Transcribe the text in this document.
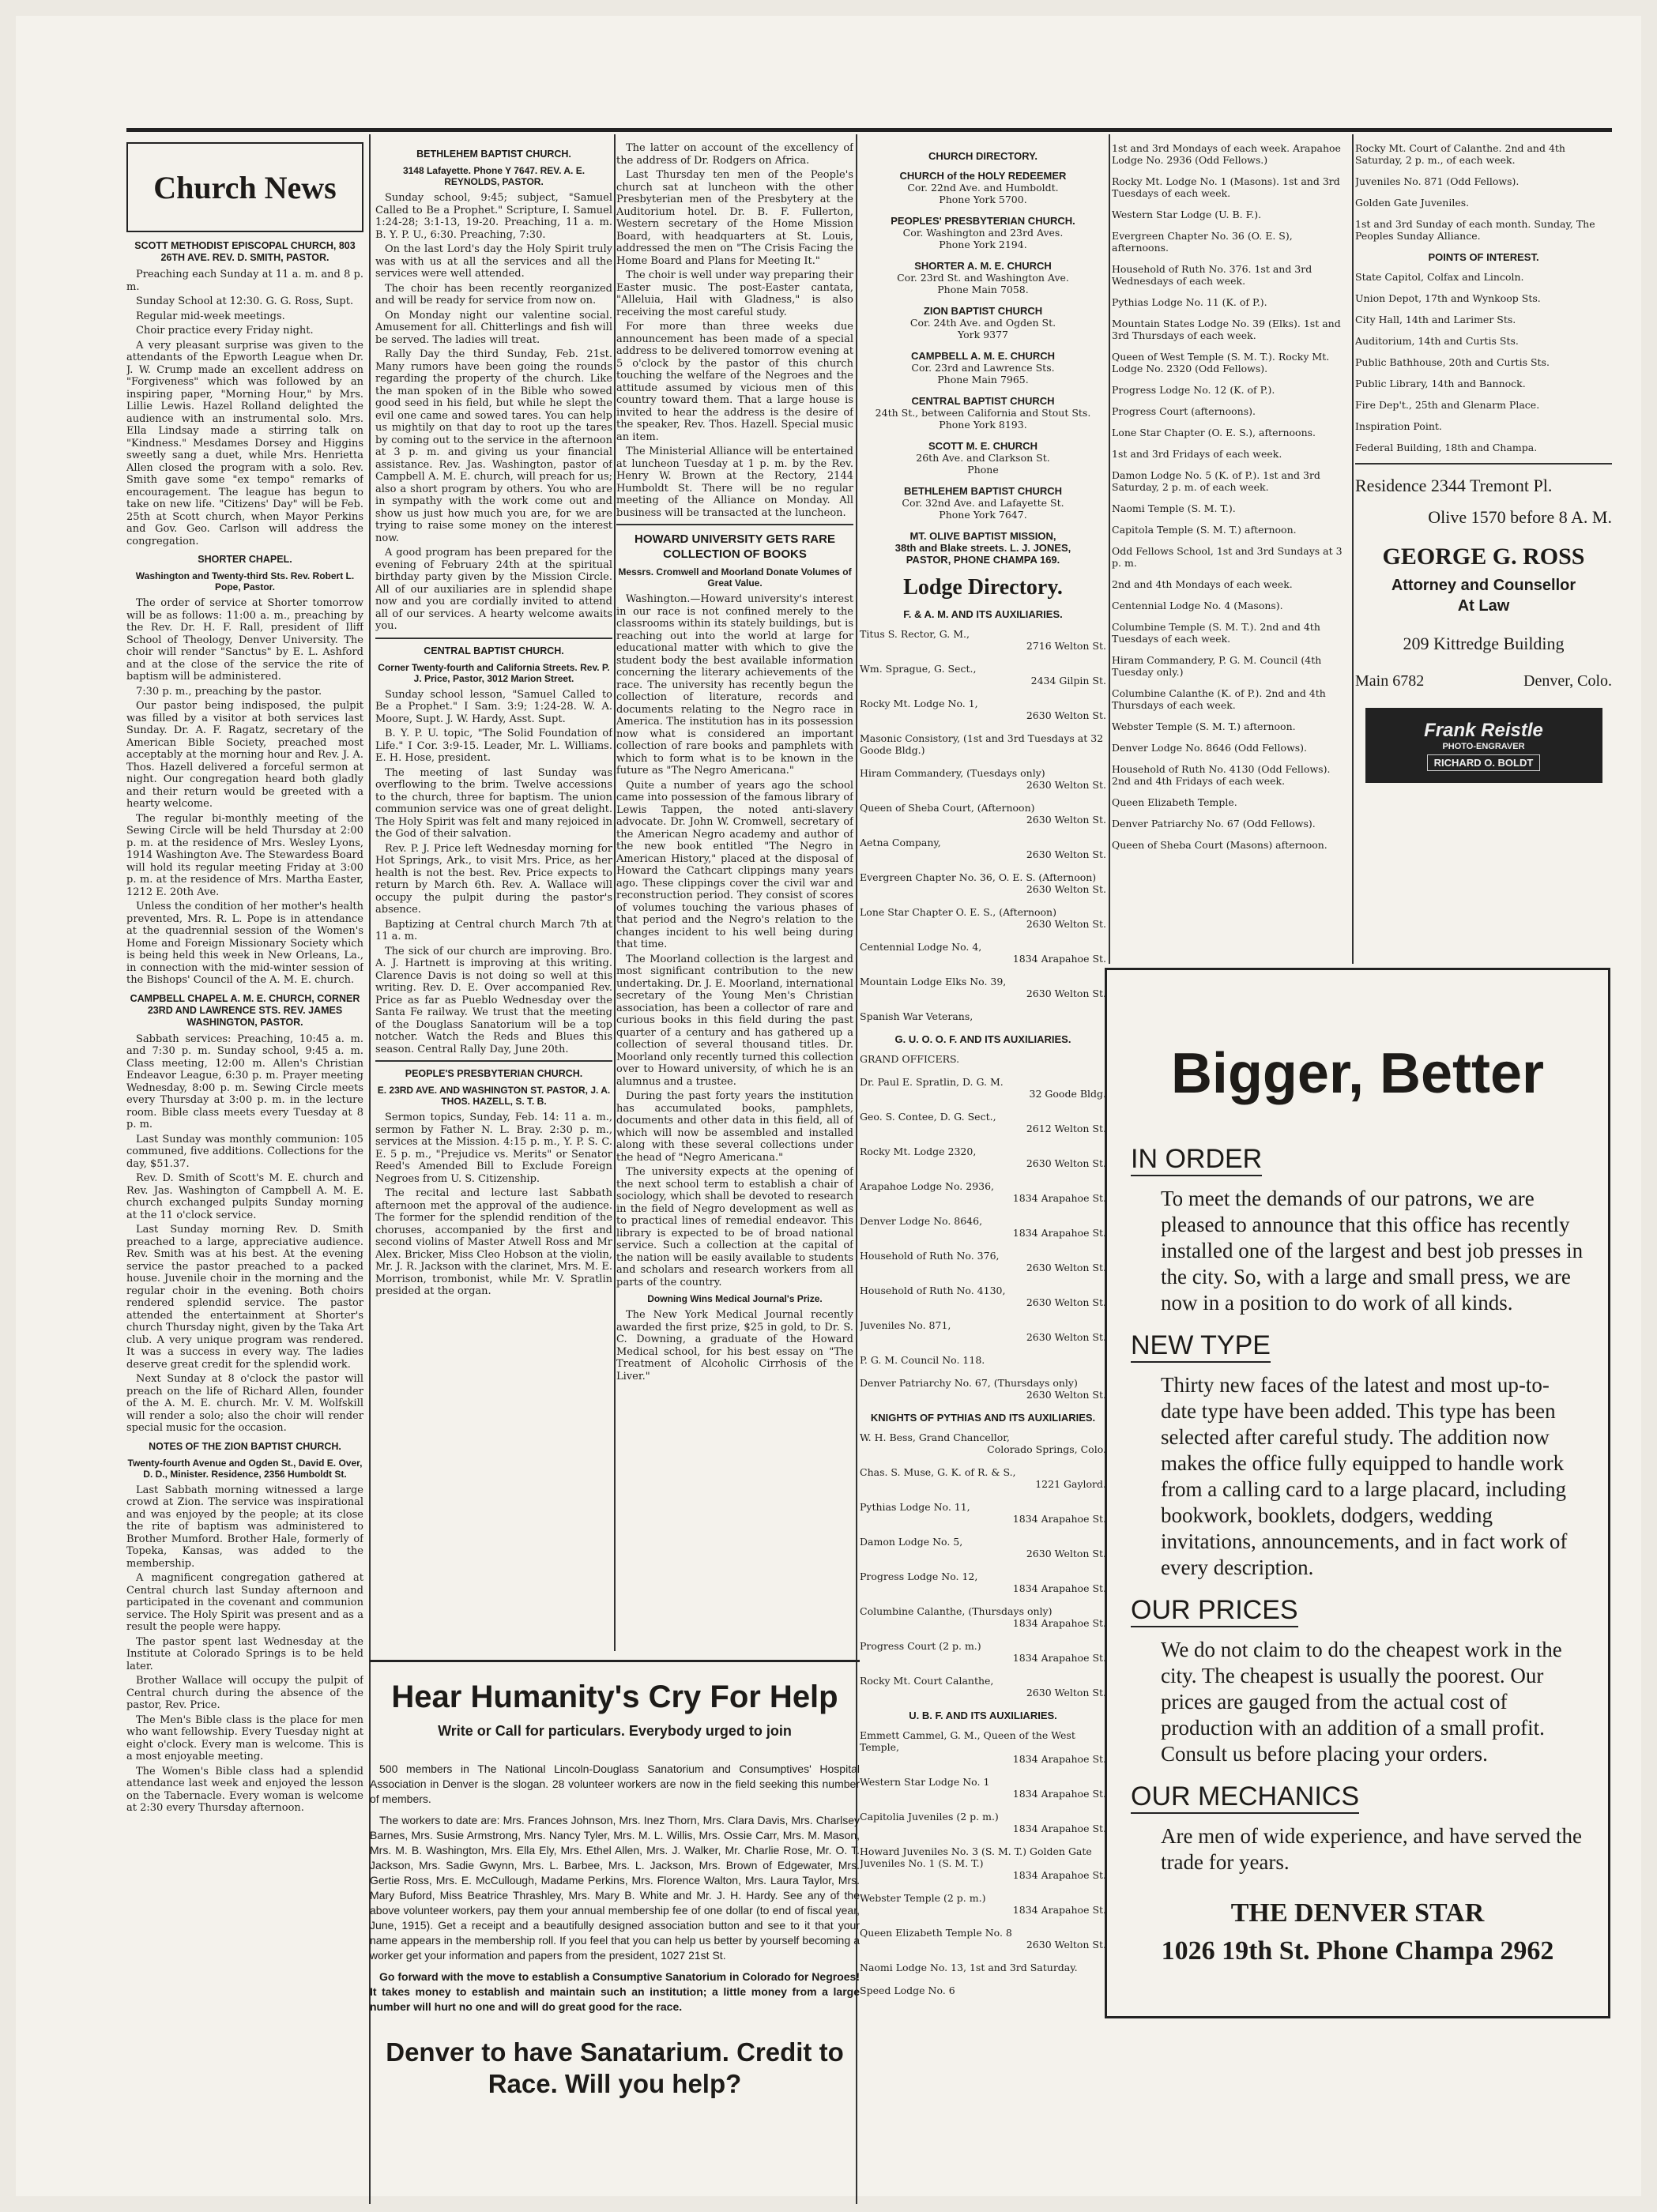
Church News
SCOTT METHODIST EPISCOPAL CHURCH, 803 26TH AVE. REV. D. SMITH, PASTOR.

Preaching each Sunday at 11 a. m. and 8 p. m.

Sunday School at 12:30. G. G. Ross, Supt.

Regular mid-week meetings.

Choir practice every Friday night.

A very pleasant surprise was given to the attendants of the Epworth League when Dr. J. W. Crump made an excellent address on "Forgiveness" which was followed by an inspiring paper, "Morning Hour," by Mrs. Lillie Lewis. Hazel Rolland delighted the audience with an instrumental solo. Mrs. Ella Lindsay made a stirring talk on "Kindness." Mesdames Dorsey and Higgins sweetly sang a duet, while Mrs. Henrietta Allen closed the program with a solo. Rev. Smith gave some "ex tempo" remarks of encouragement. The league has begun to take on new life. "Citizens' Day" will be Feb. 25th at Scott church, when Mayor Perkins and Gov. Geo. Carlson will address the congregation.

SHORTER CHAPEL.
Washington and Twenty-third Sts. Rev. Robert L. Pope, Pastor.

The order of service at Shorter tomorrow will be as follows: 11:00 a. m., preaching by the Rev. Dr. H. F. Rall, president of Iliff School of Theology, Denver University. The choir will render "Sanctus" by E. L. Ashford and at the close of the service the rite of baptism will be administered.

7:30 p. m., preaching by the pastor.

Our pastor being indisposed, the pulpit was filled by a visitor at both services last Sunday. Dr. A. F. Ragatz, secretary of the American Bible Society, preached most acceptably at the morning hour and Rev. J. A. Thos. Hazell delivered a forceful sermon at night. Our congregation heard both gladly and their return would be greeted with a hearty welcome.

The regular bi-monthly meeting of the Sewing Circle will be held Thursday at 2:00 p. m. at the residence of Mrs. Wesley Lyons, 1914 Washington Ave. The Stewardess Board will hold its regular meeting Friday at 3:00 p. m. at the residence of Mrs. Martha Easter, 1212 E. 20th Ave.

Unless the condition of her mother's health prevented, Mrs. R. L. Pope is in attendance at the quadrennial session of the Women's Home and Foreign Missionary Society which is being held this week in New Orleans, La., in connection with the mid-winter session of the Bishops' Council of the A. M. E. church.

CAMPBELL CHAPEL A. M. E. CHURCH, CORNER 23RD AND LAWRENCE STS. REV. JAMES WASHINGTON, PASTOR.

Sabbath services: Preaching, 10:45 a. m. and 7:30 p. m. Sunday school, 9:45 a. m. Class meeting, 12:00 m. Allen's Christian Endeavor League, 6:30 p. m. Prayer meeting Wednesday, 8:00 p. m. Sewing Circle meets every Thursday at 3:00 p. m. in the lecture room. Bible class meets every Tuesday at 8 p. m.

Last Sunday was monthly communion: 105 communed, five additions. Collections for the day, $51.37.

Rev. D. Smith of Scott's M. E. church and Rev. Jas. Washington of Campbell A. M. E. church exchanged pulpits Sunday morning at the 11 o'clock service.

Last Sunday morning Rev. D. Smith preached to a large, appreciative audience. Rev. Smith was at his best. At the evening service the pastor preached to a packed house. Juvenile choir in the morning and the regular choir in the evening. Both choirs rendered splendid service. The pastor attended the entertainment at Shorter's church Thursday night, given by the Taka Art club. A very unique program was rendered. It was a success in every way. The ladies deserve great credit for the splendid work.

Next Sunday at 8 o'clock the pastor will preach on the life of Richard Allen, founder of the A. M. E. church. Mr. V. M. Wolfskill will render a solo; also the choir will render special music for the occasion.

NOTES OF THE ZION BAPTIST CHURCH.
Twenty-fourth Avenue and Ogden St., David E. Over, D. D., Minister. Residence, 2356 Humboldt St.

Last Sabbath morning witnessed a large crowd at Zion. The service was inspirational and was enjoyed by the people; at its close the rite of baptism was administered to Brother Mumford. Brother Hale, formerly of Topeka, Kansas, was added to the membership.

A magnificent congregation gathered at Central church last Sunday afternoon and participated in the covenant and communion service. The Holy Spirit was present and as a result the people were happy.

The pastor spent last Wednesday at the Institute at Colorado Springs is to be held later.

Brother Wallace will occupy the pulpit of Central church during the absence of the pastor, Rev. Price.

The Men's Bible class is the place for men who want fellowship. Every Tuesday night at eight o'clock. Every man is welcome. This is a most enjoyable meeting.

The Women's Bible class had a splendid attendance last week and enjoyed the lesson on the Tabernacle. Every woman is welcome at 2:30 every Thursday afternoon.

BETHLEHEM BAPTIST CHURCH.
3148 Lafayette. Phone Y 7647. REV. A. E. REYNOLDS, PASTOR.

Sunday school, 9:45; subject, "Samuel Called to Be a Prophet." Scripture, I. Samuel 1:24-28; 3:1-13, 19-20. Preaching, 11 a. m. B. Y. P. U., 6:30. Preaching, 7:30.

On the last Lord's day the Holy Spirit truly was with us at all the services and all the services were well attended.

The choir has been recently reorganized and will be ready for service from now on.

On Monday night our valentine social. Amusement for all. Chitterlings and fish will be served. The ladies will treat.

Rally Day the third Sunday, Feb. 21st. Many rumors have been going the rounds regarding the property of the church. Like the man spoken of in the Bible who sowed good seed in his field, but while he slept the evil one came and sowed tares. You can help us mightily on that day to root up the tares by coming out to the service in the afternoon at 3 p. m. and giving us your financial assistance. Rev. Jas. Washington, pastor of Campbell A. M. E. church, will preach for us; also a short program by others. You who are in sympathy with the work come out and show us just how much you are, for we are trying to raise some money on the interest now.

A good program has been prepared for the evening of February 24th at the spiritual birthday party given by the Mission Circle. All of our auxiliaries are in splendid shape now and you are cordially invited to attend all of our services. A hearty welcome awaits you.

CENTRAL BAPTIST CHURCH.
Corner Twenty-fourth and California Streets. Rev. P. J. Price, Pastor, 3012 Marion Street.

Sunday school lesson, "Samuel Called to Be a Prophet." I Sam. 3:9; 1:24-28. W. A. Moore, Supt. J. W. Hardy, Asst. Supt.

B. Y. P. U. topic, "The Solid Foundation of Life." I Cor. 3:9-15. Leader, Mr. L. Williams. E. H. Hose, president.

The meeting of last Sunday was overflowing to the brim. Twelve accessions to the church, three for baptism. The union communion service was one of great delight. The Holy Spirit was felt and many rejoiced in the God of their salvation.

Rev. P. J. Price left Wednesday morning for Hot Springs, Ark., to visit Mrs. Price, as her health is not the best. Rev. Price expects to return by March 6th. Rev. A. Wallace will occupy the pulpit during the pastor's absence.

Baptizing at Central church March 7th at 11 a. m.

The sick of our church are improving. Bro. A. J. Hartnett is improving at this writing. Clarence Davis is not doing so well at this writing. Rev. D. E. Over accompanied Rev. Price as far as Pueblo Wednesday over the Santa Fe railway. We trust that the meeting of the Douglass Sanatorium will be a top notcher. Watch the Reds and Blues this season. Central Rally Day, June 20th.

PEOPLE'S PRESBYTERIAN CHURCH.
E. 23RD AVE. AND WASHINGTON ST. PASTOR, J. A. THOS. HAZELL, S. T. B.

Sermon topics, Sunday, Feb. 14: 11 a. m., sermon by Father N. L. Bray. 2:30 p. m., services at the Mission. 4:15 p. m., Y. P. S. C. E. 5 p. m., "Prejudice vs. Merits" or Senator Reed's Amended Bill to Exclude Foreign Negroes from U. S. Citizenship.

The recital and lecture last Sabbath afternoon met the approval of the audience. The former for the splendid rendition of the choruses, accompanied by the first and second violins of Master Atwell Ross and Mr Alex. Bricker, Miss Cleo Hobson at the violin, Mr. J. R. Jackson with the clarinet, Mrs. M. E. Morrison, trombonist, while Mr. V. Spratlin presided at the organ.

The latter on account of the excellency of the address of Dr. Rodgers on Africa.

Last Thursday ten men of the People's church sat at luncheon with the other Presbyterian men of the Presbytery at the Auditorium hotel. Dr. B. F. Fullerton, Western secretary of the Home Mission Board, with headquarters at St. Louis, addressed the men on "The Crisis Facing the Home Board and Plans for Meeting It."

The choir is well under way preparing their Easter music. The post-Easter cantata, "Alleluia, Hail with Gladness," is also receiving the most careful study.

For more than three weeks due announcement has been made of a special address to be delivered tomorrow evening at 5 o'clock by the pastor of this church touching the welfare of the Negroes and the attitude assumed by vicious men of this country toward them. That a large house is invited to hear the address is the desire of the speaker, Rev. Thos. Hazell. Special music an item.

The Ministerial Alliance will be entertained at luncheon Tuesday at 1 p. m. by the Rev. Henry W. Brown at the Rectory, 2144 Humboldt St. There will be no regular meeting of the Alliance on Monday. All business will be transacted at the luncheon.

HOWARD UNIVERSITY GETS RARE COLLECTION OF BOOKS
Messrs. Cromwell and Moorland Donate Volumes of Great Value.

Washington.—Howard university's interest in our race is not confined merely to the classrooms within its stately buildings, but is reaching out into the world at large for educational matter with which to give the student body the best available information concerning the literary achievements of the race. The university has recently begun the collection of literature, records and documents relating to the Negro race in America. The institution has in its possession now what is considered an important collection of rare books and pamphlets with which to form what is to be known in the future as "The Negro Americana."

Quite a number of years ago the school came into possession of the famous library of Lewis Tappen, the noted anti-slavery advocate. Dr. John W. Cromwell, secretary of the American Negro academy and author of the new book entitled "The Negro in American History," placed at the disposal of Howard the Cathcart clippings many years ago. These clippings cover the civil war and reconstruction period. They consist of scores of volumes touching the various phases of that period and the Negro's relation to the changes incident to his well being during that time.

The Moorland collection is the largest and most significant contribution to the new undertaking. Dr. J. E. Moorland, international secretary of the Young Men's Christian association, has been a collector of rare and curious books in this field during the past quarter of a century and has gathered up a collection of several thousand titles. Dr. Moorland only recently turned this collection over to Howard university, of which he is an alumnus and a trustee.

During the past forty years the institution has accumulated books, pamphlets, documents and other data in this field, all of which will now be assembled and installed along with these several collections under the head of "Negro Americana."

The university expects at the opening of the next school term to establish a chair of sociology, which shall be devoted to research in the field of Negro development as well as to practical lines of remedial endeavor. This library is expected to be of broad national service. Such a collection at the capital of the nation will be easily available to students and scholars and research workers from all parts of the country.

Downing Wins Medical Journal's Prize.

The New York Medical Journal recently awarded the first prize, $25 in gold, to Dr. S. C. Downing, a graduate of the Howard Medical school, for his best essay on "The Treatment of Alcoholic Cirrhosis of the Liver."

CHURCH DIRECTORY.
CHURCH of the HOLY REDEEMER
Cor. 22nd Ave. and Humboldt.
Phone York 5700.
PEOPLES' PRESBYTERIAN CHURCH.
Cor. Washington and 23rd Aves.
Phone York 2194.
SHORTER A. M. E. CHURCH
Cor. 23rd St. and Washington Ave.
Phone Main 7058.
ZION BAPTIST CHURCH
Cor. 24th Ave. and Ogden St.
York 9377
CAMPBELL A. M. E. CHURCH
Cor. 23rd and Lawrence Sts.
Phone Main 7965.
CENTRAL BAPTIST CHURCH
24th St., between California and Stout Sts.
Phone York 8193.
SCOTT M. E. CHURCH
26th Ave. and Clarkson St.
Phone
BETHLEHEM BAPTIST CHURCH
Cor. 32nd Ave. and Lafayette St.
Phone York 7647.
MT. OLIVE BAPTIST MISSION,
38th and Blake streets. L. J. JONES,
PASTOR, PHONE CHAMPA 169.
Lodge Directory.
F. & A. M. AND ITS AUXILIARIES.
Titus S. Rector, G. M.,
2716 Welton St.
Wm. Sprague, G. Sect.,
2434 Gilpin St.
Rocky Mt. Lodge No. 1,
2630 Welton St.
Masonic Consistory, (1st and 3rd Tuesdays at 32 Goode Bldg.)
Hiram Commandery, (Tuesdays only)
2630 Welton St.
Queen of Sheba Court, (Afternoon)
2630 Welton St.
Aetna Company,
2630 Welton St.
Evergreen Chapter No. 36, O. E. S. (Afternoon)
2630 Welton St.
Lone Star Chapter O. E. S., (Afternoon)
2630 Welton St.
Centennial Lodge No. 4,
1834 Arapahoe St.
Mountain Lodge Elks No. 39,
2630 Welton St.
Spanish War Veterans,
G. U. O. O. F. AND ITS AUXILIARIES.
GRAND OFFICERS.
Dr. Paul E. Spratlin, D. G. M.
32 Goode Bldg.
Geo. S. Contee, D. G. Sect.,
2612 Welton St.
Rocky Mt. Lodge 2320,
2630 Welton St.
Arapahoe Lodge No. 2936,
1834 Arapahoe St.
Denver Lodge No. 8646,
1834 Arapahoe St.
Household of Ruth No. 376,
2630 Welton St.
Household of Ruth No. 4130,
2630 Welton St.
Juveniles No. 871,
2630 Welton St.
P. G. M. Council No. 118.
Denver Patriarchy No. 67, (Thursdays only)
2630 Welton St.
KNIGHTS OF PYTHIAS AND ITS AUXILIARIES.
W. H. Bess, Grand Chancellor,
Colorado Springs, Colo.
Chas. S. Muse, G. K. of R. & S.,
1221 Gaylord.
Pythias Lodge No. 11,
1834 Arapahoe St.
Damon Lodge No. 5,
2630 Welton St.
Progress Lodge No. 12,
1834 Arapahoe St.
Columbine Calanthe, (Thursdays only)
1834 Arapahoe St.
Progress Court (2 p. m.)
1834 Arapahoe St.
Rocky Mt. Court Calanthe,
2630 Welton St.
U. B. F. AND ITS AUXILIARIES.
Emmett Cammel, G. M., Queen of the West Temple,
1834 Arapahoe St.
Western Star Lodge No. 1
1834 Arapahoe St.
Capitolia Juveniles (2 p. m.)
1834 Arapahoe St.
Howard Juveniles No. 3 (S. M. T.) Golden Gate Juveniles No. 1 (S. M. T.)
1834 Arapahoe St.
Webster Temple (2 p. m.)
1834 Arapahoe St.
Queen Elizabeth Temple No. 8
2630 Welton St.
Naomi Lodge No. 13, 1st and 3rd Saturday.
Speed Lodge No. 6
1st and 3rd Mondays of each week. Arapahoe Lodge No. 2936 (Odd Fellows.)
Rocky Mt. Lodge No. 1 (Masons). 1st and 3rd Tuesdays of each week.
Western Star Lodge (U. B. F.).
Evergreen Chapter No. 36 (O. E. S), afternoons.
Household of Ruth No. 376. 1st and 3rd Wednesdays of each week.
Pythias Lodge No. 11 (K. of P.).
Mountain States Lodge No. 39 (Elks). 1st and 3rd Thursdays of each week.
Queen of West Temple (S. M. T.). Rocky Mt. Lodge No. 2320 (Odd Fellows).
Progress Lodge No. 12 (K. of P.).
Progress Court (afternoons).
Lone Star Chapter (O. E. S.), afternoons.
1st and 3rd Fridays of each week.
Damon Lodge No. 5 (K. of P.). 1st and 3rd Saturday, 2 p. m. of each week.
Naomi Temple (S. M. T.).
Capitola Temple (S. M. T.) afternoon.
Odd Fellows School, 1st and 3rd Sundays at 3 p. m.
2nd and 4th Mondays of each week.
Centennial Lodge No. 4 (Masons).
Columbine Temple (S. M. T.). 2nd and 4th Tuesdays of each week.
Hiram Commandery, P. G. M. Council (4th Tuesday only.)
Columbine Calanthe (K. of P.). 2nd and 4th Thursdays of each week.
Webster Temple (S. M. T.) afternoon.
Denver Lodge No. 8646 (Odd Fellows).
Household of Ruth No. 4130 (Odd Fellows). 2nd and 4th Fridays of each week.
Queen Elizabeth Temple.
Denver Patriarchy No. 67 (Odd Fellows).
Queen of Sheba Court (Masons) afternoon.
Rocky Mt. Court of Calanthe. 2nd and 4th Saturday, 2 p. m., of each week.
Juveniles No. 871 (Odd Fellows).
Golden Gate Juveniles.
1st and 3rd Sunday of each month. Sunday, The Peoples Sunday Alliance.
POINTS OF INTEREST.
State Capitol, Colfax and Lincoln.
Union Depot, 17th and Wynkoop Sts.
City Hall, 14th and Larimer Sts.
Auditorium, 14th and Curtis Sts.
Public Bathhouse, 20th and Curtis Sts.
Public Library, 14th and Bannock.
Fire Dep't., 25th and Glenarm Place.
Inspiration Point.
Federal Building, 18th and Champa.
Residence 2344 Tremont Pl.
Olive 1570 before 8 A. M.
GEORGE G. ROSS
Attorney and Counsellor
At Law
209 Kittredge Building
Main 6782	Denver, Colo.
Frank Reistle
PHOTO-ENGRAVER
RICHARD O. BOLDT
Bigger, Better
IN ORDER
To meet the demands of our patrons, we are pleased to announce that this office has recently installed one of the largest and best job presses in the city. So, with a large and small press, we are now in a position to do work of all kinds.
NEW TYPE
Thirty new faces of the latest and most up-to-date type have been added. This type has been selected after careful study. The addition now makes the office fully equipped to handle work from a calling card to a large placard, including bookwork, booklets, dodgers, wedding invitations, announcements, and in fact work of every description.
OUR PRICES
We do not claim to do the cheapest work in the city. The cheapest is usually the poorest. Our prices are gauged from the actual cost of production with an addition of a small profit. Consult us before placing your orders.
OUR MECHANICS
Are men of wide experience, and have served the trade for years.
THE DENVER STAR
1026 19th St. Phone Champa 2962
Hear Humanity's Cry For Help
Write or Call for particulars. Everybody urged to join

500 members in The National Lincoln-Douglass Sanatorium and Consumptives' Hospital Association in Denver is the slogan. 28 volunteer workers are now in the field seeking this number of members.

The workers to date are: Mrs. Frances Johnson, Mrs. Inez Thorn, Mrs. Clara Davis, Mrs. Charlsey Barnes, Mrs. Susie Armstrong, Mrs. Nancy Tyler, Mrs. M. L. Willis, Mrs. Ossie Carr, Mrs. M. Mason, Mrs. M. B. Washington, Mrs. Ella Ely, Mrs. Ethel Allen, Mrs. J. Walker, Mr. Charlie Rose, Mr. O. T. Jackson, Mrs. Sadie Gwynn, Mrs. L. Barbee, Mrs. L. Jackson, Mrs. Brown of Edgewater, Mrs. Gertie Ross, Mrs. E. McCullough, Madame Perkins, Mrs. Florence Walton, Mrs. Laura Taylor, Mrs. Mary Buford, Miss Beatrice Thrashley, Mrs. Mary B. White and Mr. J. H. Hardy. See any of the above volunteer workers, pay them your annual membership fee of one dollar (to end of fiscal year, June, 1915). Get a receipt and a beautifully designed association button and see to it that your name appears in the membership roll. If you feel that you can help us better by yourself becoming a worker get your information and papers from the president, 1027 21st St.

Go forward with the move to establish a Consumptive Sanatorium in Colorado for Negroes! It takes money to establish and maintain such an institution; a little money from a large number will hurt no one and will do great good for the race.

Denver to have Sanatarium. Credit to Race. Will you help?
